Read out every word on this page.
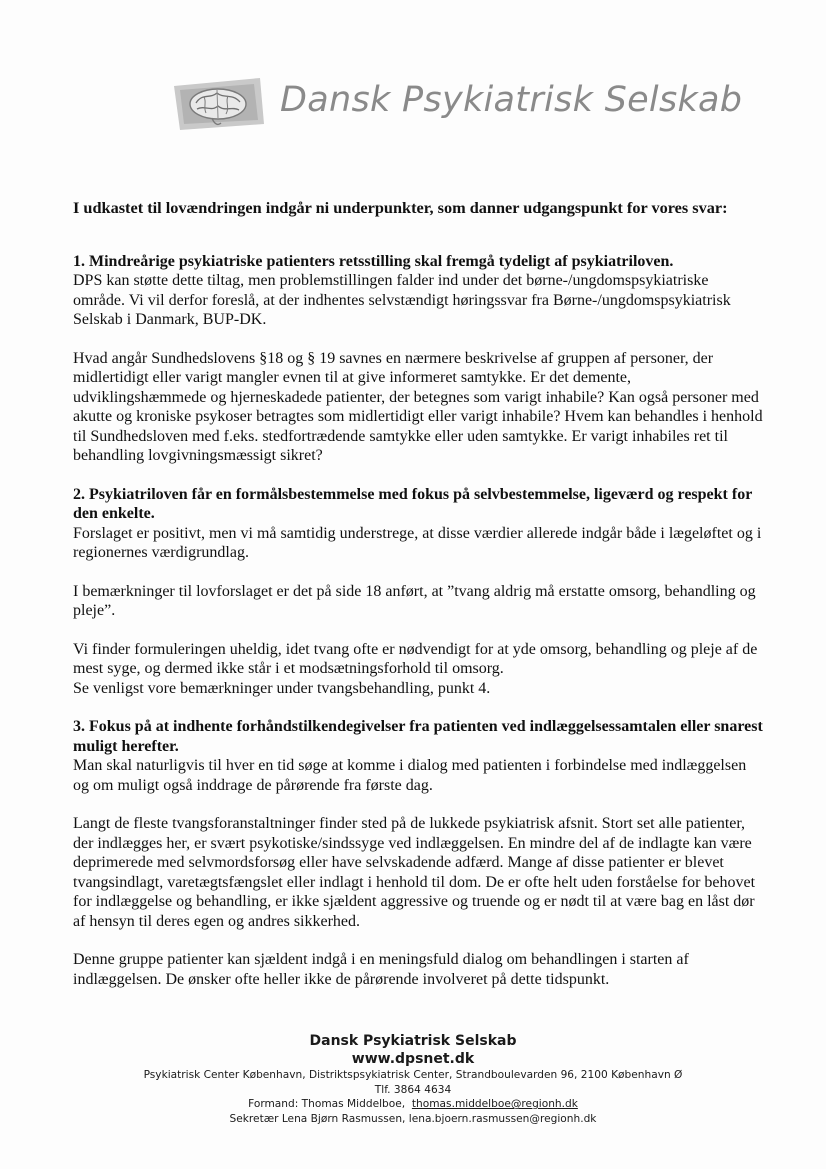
Dansk Psykiatrisk Selskab

I udkastet til lovændringen indgår ni underpunkter, som danner udgangspunkt for vores svar:

1. Mindreårige psykiatriske patienters retsstilling skal fremgå tydeligt af psykiatriloven.

DPS kan støtte dette tiltag, men problemstillingen falder ind under det børne-/ungdomspsykiatriske område. Vi vil derfor foreslå, at der indhentes selvstændigt høringssvar fra Børne-/ungdomspsykiatrisk Selskab i Danmark, BUP-DK.

Hvad angår Sundhedslovens §18 og § 19 savnes en nærmere beskrivelse af gruppen af personer, der midlertidigt eller varigt mangler evnen til at give informeret samtykke. Er det demente, udviklingshæmmede og hjerneskadede patienter, der betegnes som varigt inhabile? Kan også personer med akutte og kroniske psykoser betragtes som midlertidigt eller varigt inhabile? Hvem kan behandles i henhold til Sundhedsloven med f.eks. stedfortrædende samtykke eller uden samtykke. Er varigt inhabiles ret til behandling lovgivningsmæssigt sikret?

2. Psykiatriloven får en formålsbestemmelse med fokus på selvbestemmelse, ligeværd og respekt for den enkelte.

Forslaget er positivt, men vi må samtidig understrege, at disse værdier allerede indgår både i lægeløftet og i regionernes værdigrundlag.

I bemærkninger til lovforslaget er det på side 18 anført, at ”tvang aldrig må erstatte omsorg, behandling og pleje”.

Vi finder formuleringen uheldig, idet tvang ofte er nødvendigt for at yde omsorg, behandling og pleje af de mest syge, og dermed ikke står i et modsætningsforhold til omsorg.

Se venligst vore bemærkninger under tvangsbehandling, punkt 4.

3. Fokus på at indhente forhåndstilkendegivelser fra patienten ved indlæggelsessamtalen eller snarest muligt herefter.

Man skal naturligvis til hver en tid søge at komme i dialog med patienten i forbindelse med indlæggelsen og om muligt også inddrage de pårørende fra første dag.

Langt de fleste tvangsforanstaltninger finder sted på de lukkede psykiatrisk afsnit. Stort set alle patienter, der indlægges her, er svært psykotiske/sindssyge ved indlæggelsen. En mindre del af de indlagte kan være deprimerede med selvmordsforsøg eller have selvskadende adfærd. Mange af disse patienter er blevet tvangsindlagt, varetægtsfængslet eller indlagt i henhold til dom. De er ofte helt uden forståelse for behovet for indlæggelse og behandling, er ikke sjældent aggressive og truende og er nødt til at være bag en låst dør af hensyn til deres egen og andres sikkerhed.

Denne gruppe patienter kan sjældent indgå i en meningsfuld dialog om behandlingen i starten af indlæggelsen. De ønsker ofte heller ikke de pårørende involveret på dette tidspunkt.

Dansk Psykiatrisk Selskab
www.dpsnet.dk
Psykiatrisk Center København, Distriktspsykiatrisk Center, Strandboulevarden 96, 2100 København Ø
Tlf. 3864 4634
Formand: Thomas Middelboe, thomas.middelboe@regionh.dk
Sekretær Lena Bjørn Rasmussen, lena.bjoern.rasmussen@regionh.dk
